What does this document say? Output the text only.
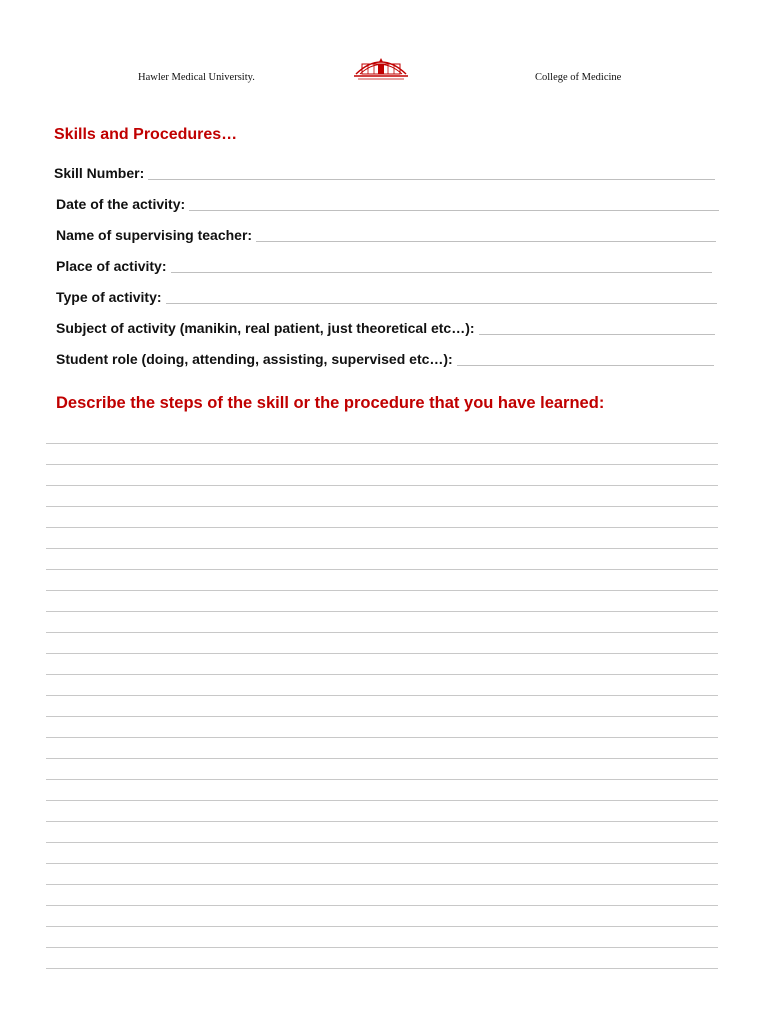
Hawler Medical University.	College of Medicine
Skills and Procedures…
Skill Number:
Date of the activity:
Name of supervising teacher:
Place of activity:
Type of activity:
Subject of activity (manikin, real patient, just theoretical etc…):
Student role (doing, attending, assisting, supervised etc…):
Describe the steps of the skill or the procedure that you have learned:
